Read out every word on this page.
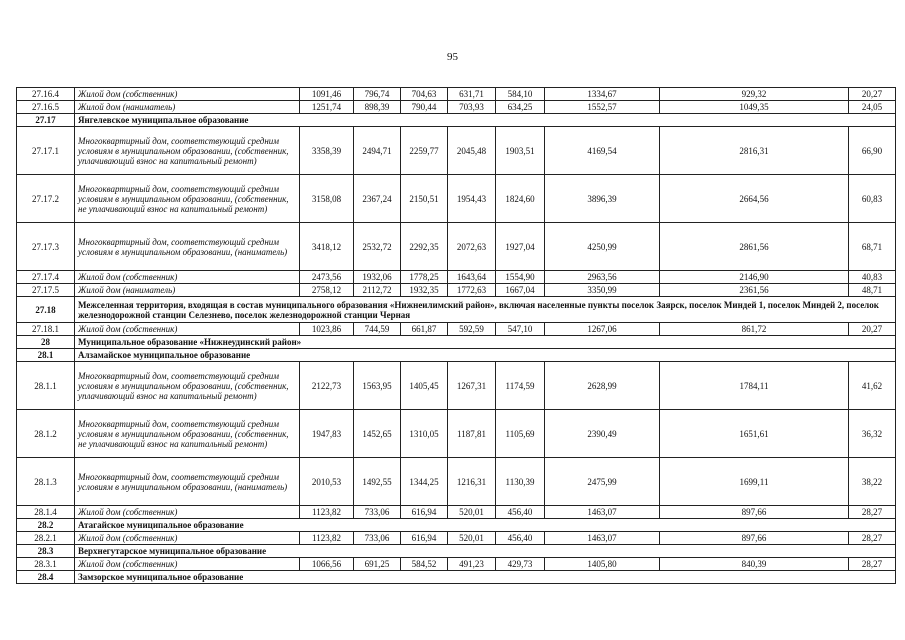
95
27.16.4	Жилой дом (собственник)	1091,46	796,74	704,63	631,71	584,10	1334,67	929,32	20,27
27.16.5	Жилой дом (наниматель)	1251,74	898,39	790,44	703,93	634,25	1552,57	1049,35	24,05
27.17	Янгелевское муниципальное образование								
27.17.1	Многоквартирный дом, соответствующий средним условиям в муниципальном образовании, (собственник, уплачивающий взнос на капитальный ремонт)	3358,39	2494,71	2259,77	2045,48	1903,51	4169,54	2816,31	66,90
27.17.2	Многоквартирный дом, соответствующий средним условиям в муниципальном образовании, (собственник, не уплачивающий взнос на капитальный ремонт)	3158,08	2367,24	2150,51	1954,43	1824,60	3896,39	2664,56	60,83
27.17.3	Многоквартирный дом, соответствующий средним условиям в муниципальном образовании, (наниматель)	3418,12	2532,72	2292,35	2072,63	1927,04	4250,99	2861,56	68,71
27.17.4	Жилой дом (собственник)	2473,56	1932,06	1778,25	1643,64	1554,90	2963,56	2146,90	40,83
27.17.5	Жилой дом (наниматель)	2758,12	2112,72	1932,35	1772,63	1667,04	3350,99	2361,56	48,71
27.18	Межселенная территория, входящая в состав муниципального образования «Нижнеилимский район», включая населенные пункты поселок Заярск, поселок Миндей 1, поселок Миндей 2, поселок железнодорожной станции Селезнево, поселок железнодорожной станции Черная								
27.18.1	Жилой дом (собственник)	1023,86	744,59	661,87	592,59	547,10	1267,06	861,72	20,27
28	Муниципальное образование «Нижнеудинский район»								
28.1	Алзамайское муниципальное образование								
28.1.1	Многоквартирный дом, соответствующий средним условиям в муниципальном образовании, (собственник, уплачивающий взнос на капитальный ремонт)	2122,73	1563,95	1405,45	1267,31	1174,59	2628,99	1784,11	41,62
28.1.2	Многоквартирный дом, соответствующий средним условиям в муниципальном образовании, (собственник, не уплачивающий взнос на капитальный ремонт)	1947,83	1452,65	1310,05	1187,81	1105,69	2390,49	1651,61	36,32
28.1.3	Многоквартирный дом, соответствующий средним условиям в муниципальном образовании, (наниматель)	2010,53	1492,55	1344,25	1216,31	1130,39	2475,99	1699,11	38,22
28.1.4	Жилой дом (собственник)	1123,82	733,06	616,94	520,01	456,40	1463,07	897,66	28,27
28.2	Атагайское муниципальное образование								
28.2.1	Жилой дом (собственник)	1123,82	733,06	616,94	520,01	456,40	1463,07	897,66	28,27
28.3	Верхнегутарское муниципальное образование								
28.3.1	Жилой дом (собственник)	1066,56	691,25	584,52	491,23	429,73	1405,80	840,39	28,27
28.4	Замзорское муниципальное образование								
